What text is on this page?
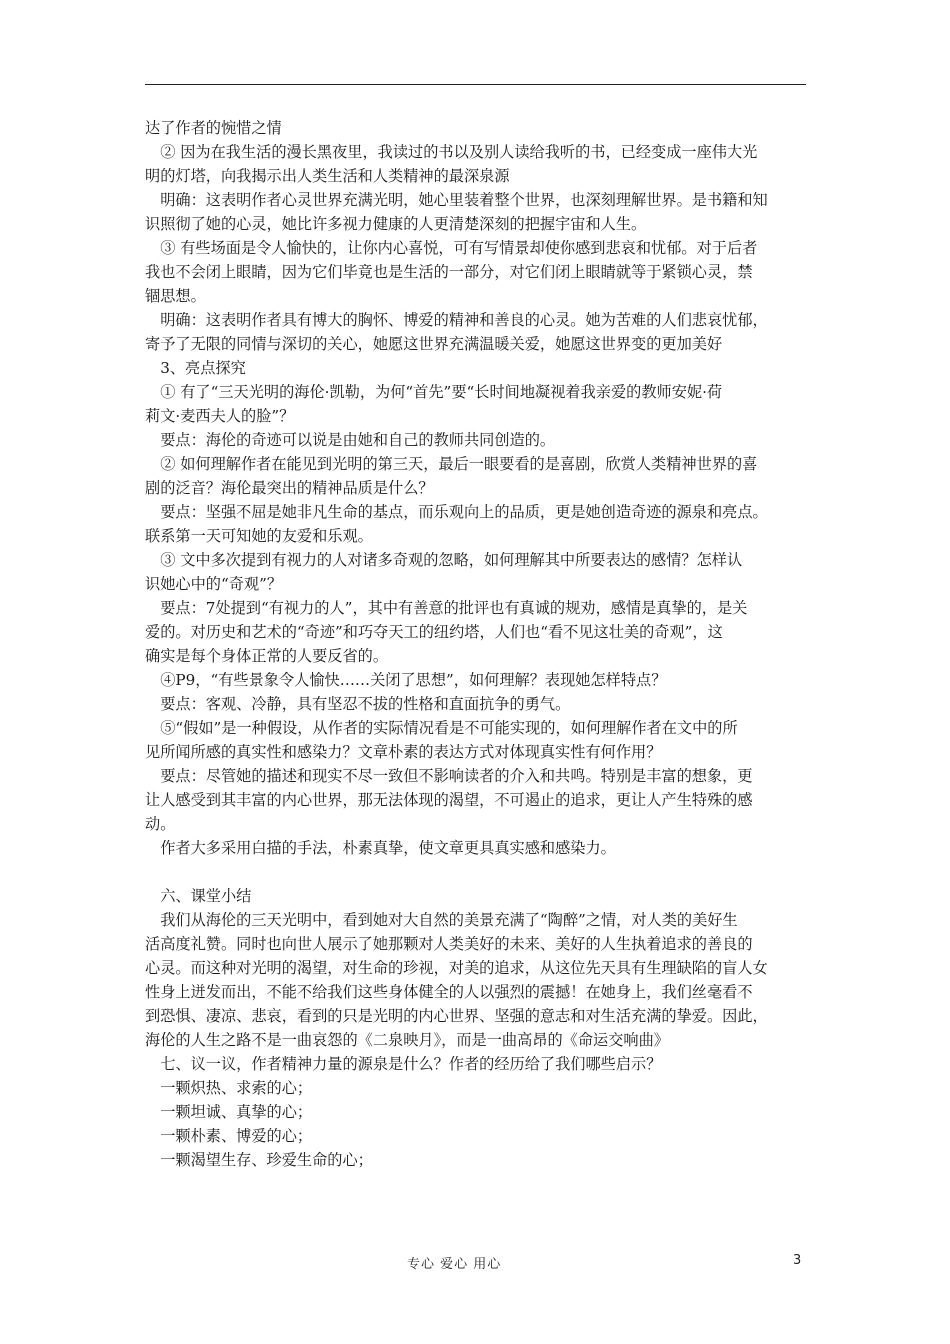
达了作者的惋惜之情
　② 因为在我生活的漫长黑夜里，我读过的书以及别人读给我听的书，已经变成一座伟大光
明的灯塔，向我揭示出人类生活和人类精神的最深泉源
　明确：这表明作者心灵世界充满光明，她心里装着整个世界，也深刻理解世界。是书籍和知
识照彻了她的心灵，她比许多视力健康的人更清楚深刻的把握宇宙和人生。
　③ 有些场面是令人愉快的，让你内心喜悦，可有写情景却使你感到悲哀和忧郁。对于后者
我也不会闭上眼睛，因为它们毕竟也是生活的一部分，对它们闭上眼睛就等于紧锁心灵，禁
锢思想。
　明确：这表明作者具有博大的胸怀、博爱的精神和善良的心灵。她为苦难的人们悲哀忧郁，
寄予了无限的同情与深切的关心，她愿这世界充满温暖关爱，她愿这世界变的更加美好
　3、亮点探究
　① 有了“三天光明的海伦·凯勒，为何“首先”要“长时间地凝视着我亲爱的教师安妮·荷
莉文·麦西夫人的脸”？
　要点：海伦的奇迹可以说是由她和自己的教师共同创造的。
　② 如何理解作者在能见到光明的第三天，最后一眼要看的是喜剧，欣赏人类精神世界的喜
剧的泛音？海伦最突出的精神品质是什么？
　要点：坚强不屈是她非凡生命的基点，而乐观向上的品质，更是她创造奇迹的源泉和亮点。
联系第一天可知她的友爱和乐观。
　③ 文中多次提到有视力的人对诸多奇观的忽略，如何理解其中所要表达的感情？怎样认
识她心中的“奇观”？
　要点：7处提到“有视力的人”，其中有善意的批评也有真诚的规劝，感情是真挚的，是关
爱的。对历史和艺术的“奇迹”和巧夺天工的纽约塔，人们也“看不见这壮美的奇观”，这
确实是每个身体正常的人要反省的。
　④P9，“有些景象令人愉快……关闭了思想”，如何理解？表现她怎样特点？
　要点：客观、冷静，具有坚忍不拔的性格和直面抗争的勇气。
　⑤“假如”是一种假设，从作者的实际情况看是不可能实现的，如何理解作者在文中的所
见所闻所感的真实性和感染力？文章朴素的表达方式对体现真实性有何作用？
　要点：尽管她的描述和现实不尽一致但不影响读者的介入和共鸣。特别是丰富的想象，更
让人感受到其丰富的内心世界，那无法体现的渴望，不可遏止的追求，更让人产生特殊的感
动。
　作者大多采用白描的手法，朴素真挚，使文章更具真实感和感染力。
　六、课堂小结
　我们从海伦的三天光明中，看到她对大自然的美景充满了“陶醉”之情，对人类的美好生
活高度礼赞。同时也向世人展示了她那颗对人类美好的未来、美好的人生执着追求的善良的
心灵。而这种对光明的渴望，对生命的珍视，对美的追求，从这位先天具有生理缺陷的盲人女
性身上迸发而出，不能不给我们这些身体健全的人以强烈的震撼！在她身上，我们丝毫看不
到恐惧、凄凉、悲哀，看到的只是光明的内心世界、坚强的意志和对生活充满的挚爱。因此，
海伦的人生之路不是一曲哀怨的《二泉映月》，而是一曲高昂的《命运交响曲》
　七、议一议，作者精神力量的源泉是什么？作者的经历给了我们哪些启示？
　一颗炽热、求索的心；
　一颗坦诚、真挚的心；
　一颗朴素、博爱的心；
　一颗渴望生存、珍爱生命的心；
专心 爱心 用心	3
